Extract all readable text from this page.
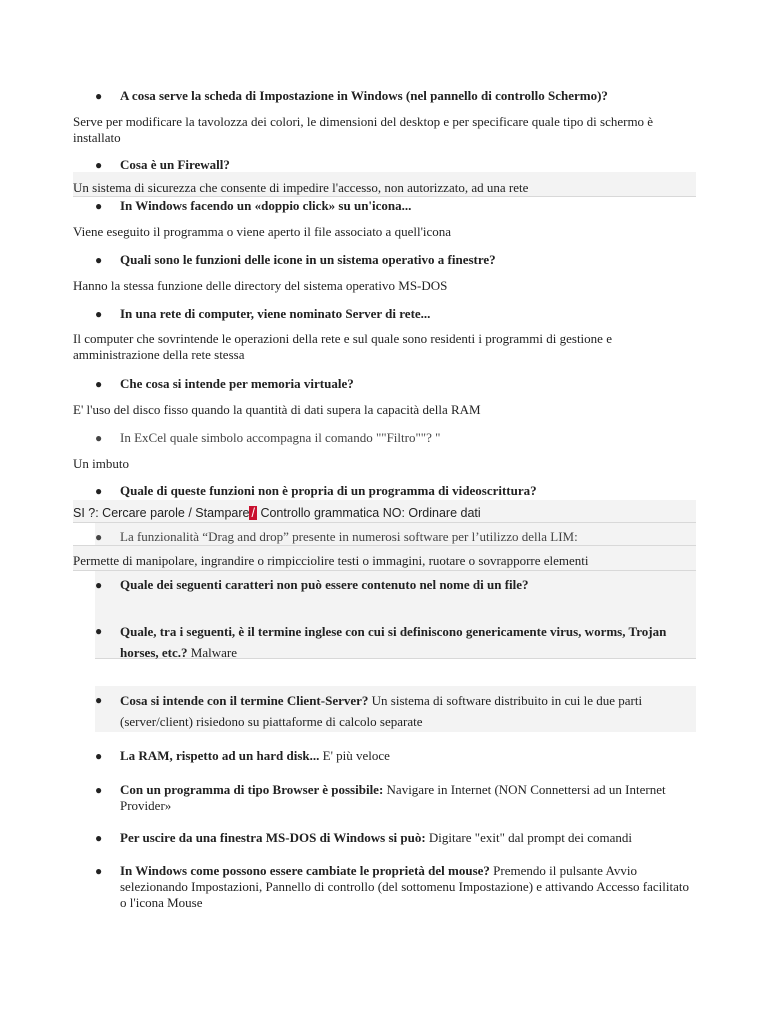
●	A cosa serve la scheda di Impostazione in Windows (nel pannello di controllo Schermo)?
Serve per modificare la tavolozza dei colori, le dimensioni del desktop e per specificare quale tipo di schermo è installato
●	Cosa è un Firewall?
Un sistema di sicurezza che consente di impedire l'accesso, non autorizzato, ad una rete
●	In Windows facendo un «doppio click» su un'icona...
Viene eseguito il programma o viene aperto il file associato a quell'icona
●	Quali sono le funzioni delle icone in un sistema operativo a finestre?
Hanno la stessa funzione delle directory del sistema operativo MS-DOS
●	In una rete di computer, viene nominato Server di rete...
Il computer che sovrintende le operazioni della rete e sul quale sono residenti i programmi di gestione e amministrazione della rete stessa
●	Che cosa si intende per memoria virtuale?
E' l'uso del disco fisso quando la quantità di dati supera la capacità della RAM
●	In ExCel quale simbolo accompagna il comando ""Filtro""? "
Un imbuto
●	Quale di queste funzioni non è propria di un programma di videoscrittura?
SI ?: Cercare parole / Stampare / Controllo grammatica NO: Ordinare dati
●	La funzionalità “Drag and drop” presente in numerosi software per l’utilizzo della LIM:
Permette di manipolare, ingrandire o rimpicciolire testi o immagini, ruotare o sovrapporre elementi
●	Quale dei seguenti caratteri non può essere contenuto nel nome di un file?
●	Quale, tra i seguenti, è il termine inglese con cui si definiscono genericamente virus, worms, Trojan horses, etc.? Malware
●	Cosa si intende con il termine Client-Server? Un sistema di software distribuito in cui le due parti (server/client) risiedono su piattaforme di calcolo separate
●	La RAM, rispetto ad un hard disk... E' più veloce
●	Con un programma di tipo Browser è possibile: Navigare in Internet (NON Connettersi ad un Internet Provider»
●	Per uscire da una finestra MS-DOS di Windows si può: Digitare "exit" dal prompt dei comandi
●	In Windows come possono essere cambiate le proprietà del mouse? Premendo il pulsante Avvio selezionando Impostazioni, Pannello di controllo (del sottomenu Impostazione) e attivando Accesso facilitato o l'icona Mouse
